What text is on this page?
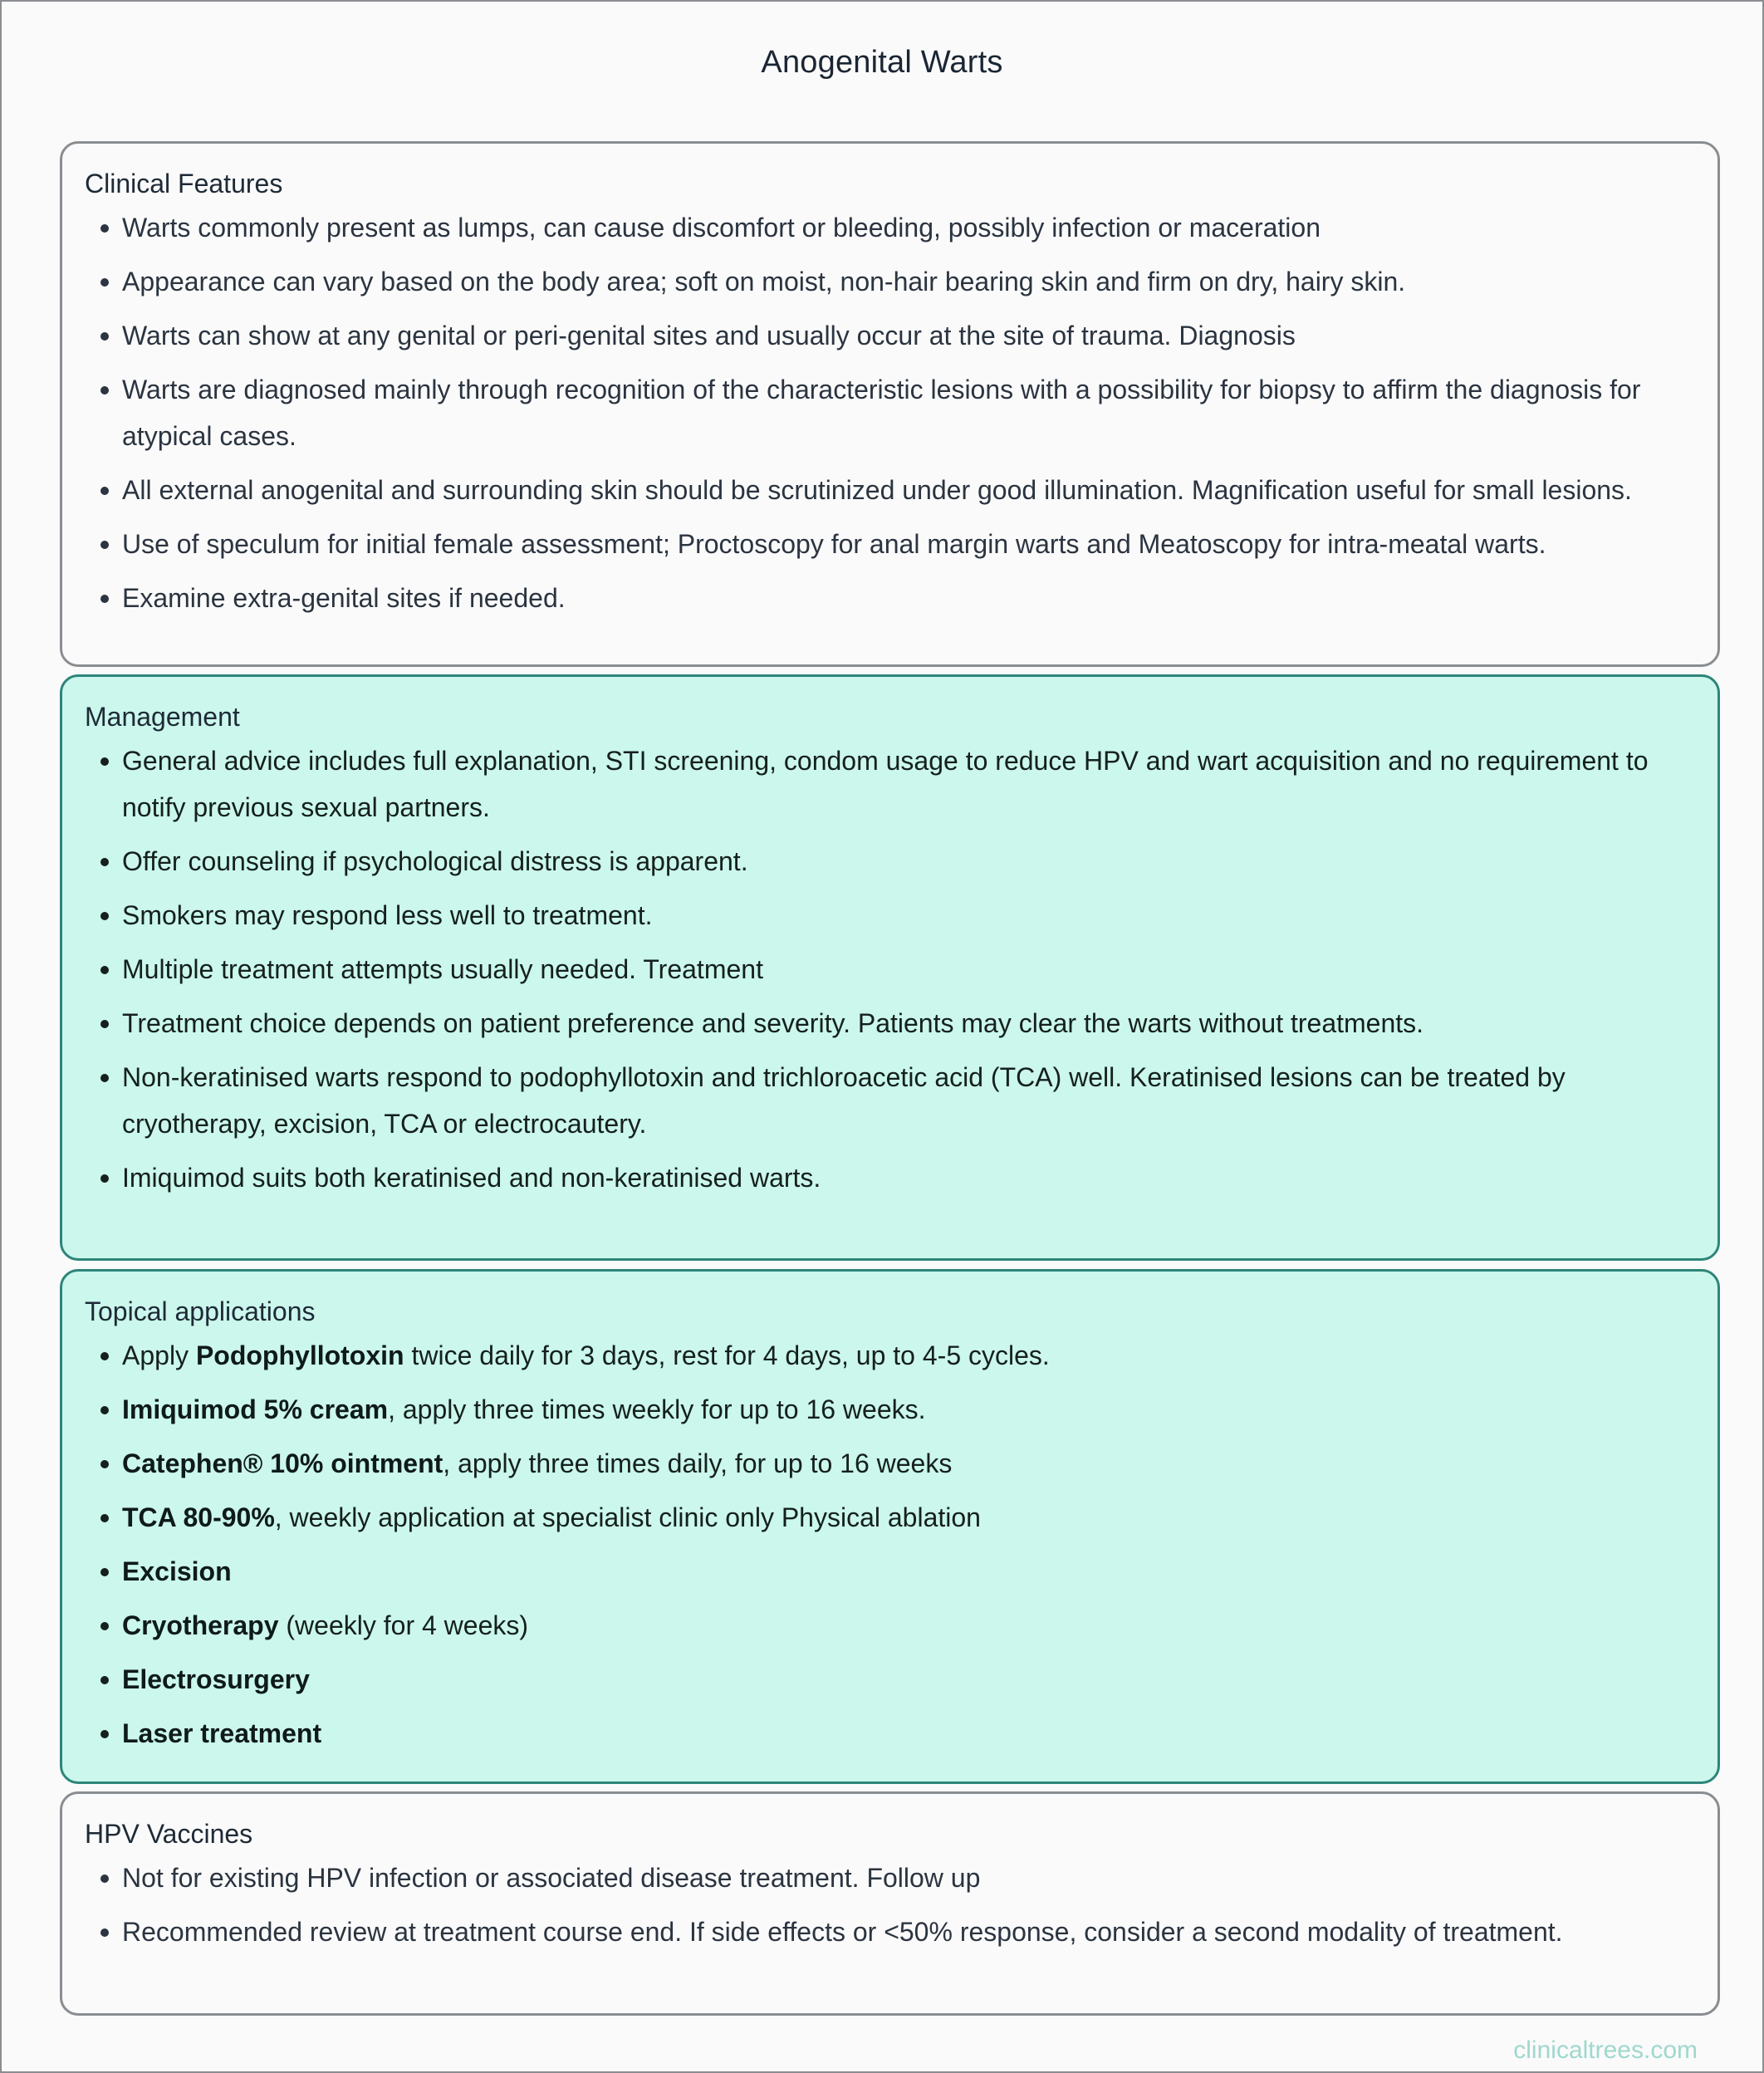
Anogenital Warts
Clinical Features
Warts commonly present as lumps, can cause discomfort or bleeding, possibly infection or maceration
Appearance can vary based on the body area; soft on moist, non-hair bearing skin and firm on dry, hairy skin.
Warts can show at any genital or peri-genital sites and usually occur at the site of trauma. Diagnosis
Warts are diagnosed mainly through recognition of the characteristic lesions with a possibility for biopsy to affirm the diagnosis for atypical cases.
All external anogenital and surrounding skin should be scrutinized under good illumination. Magnification useful for small lesions.
Use of speculum for initial female assessment; Proctoscopy for anal margin warts and Meatoscopy for intra-meatal warts.
Examine extra-genital sites if needed.
Management
General advice includes full explanation, STI screening, condom usage to reduce HPV and wart acquisition and no requirement to notify previous sexual partners.
Offer counseling if psychological distress is apparent.
Smokers may respond less well to treatment.
Multiple treatment attempts usually needed. Treatment
Treatment choice depends on patient preference and severity. Patients may clear the warts without treatments.
Non-keratinised warts respond to podophyllotoxin and trichloroacetic acid (TCA) well. Keratinised lesions can be treated by cryotherapy, excision, TCA or electrocautery.
Imiquimod suits both keratinised and non-keratinised warts.
Topical applications
Apply Podophyllotoxin twice daily for 3 days, rest for 4 days, up to 4-5 cycles.
Imiquimod 5% cream, apply three times weekly for up to 16 weeks.
Catephen® 10% ointment, apply three times daily, for up to 16 weeks
TCA 80-90%, weekly application at specialist clinic only Physical ablation
Excision
Cryotherapy (weekly for 4 weeks)
Electrosurgery
Laser treatment
HPV Vaccines
Not for existing HPV infection or associated disease treatment. Follow up
Recommended review at treatment course end. If side effects or <50% response, consider a second modality of treatment.
clinicaltrees.com
